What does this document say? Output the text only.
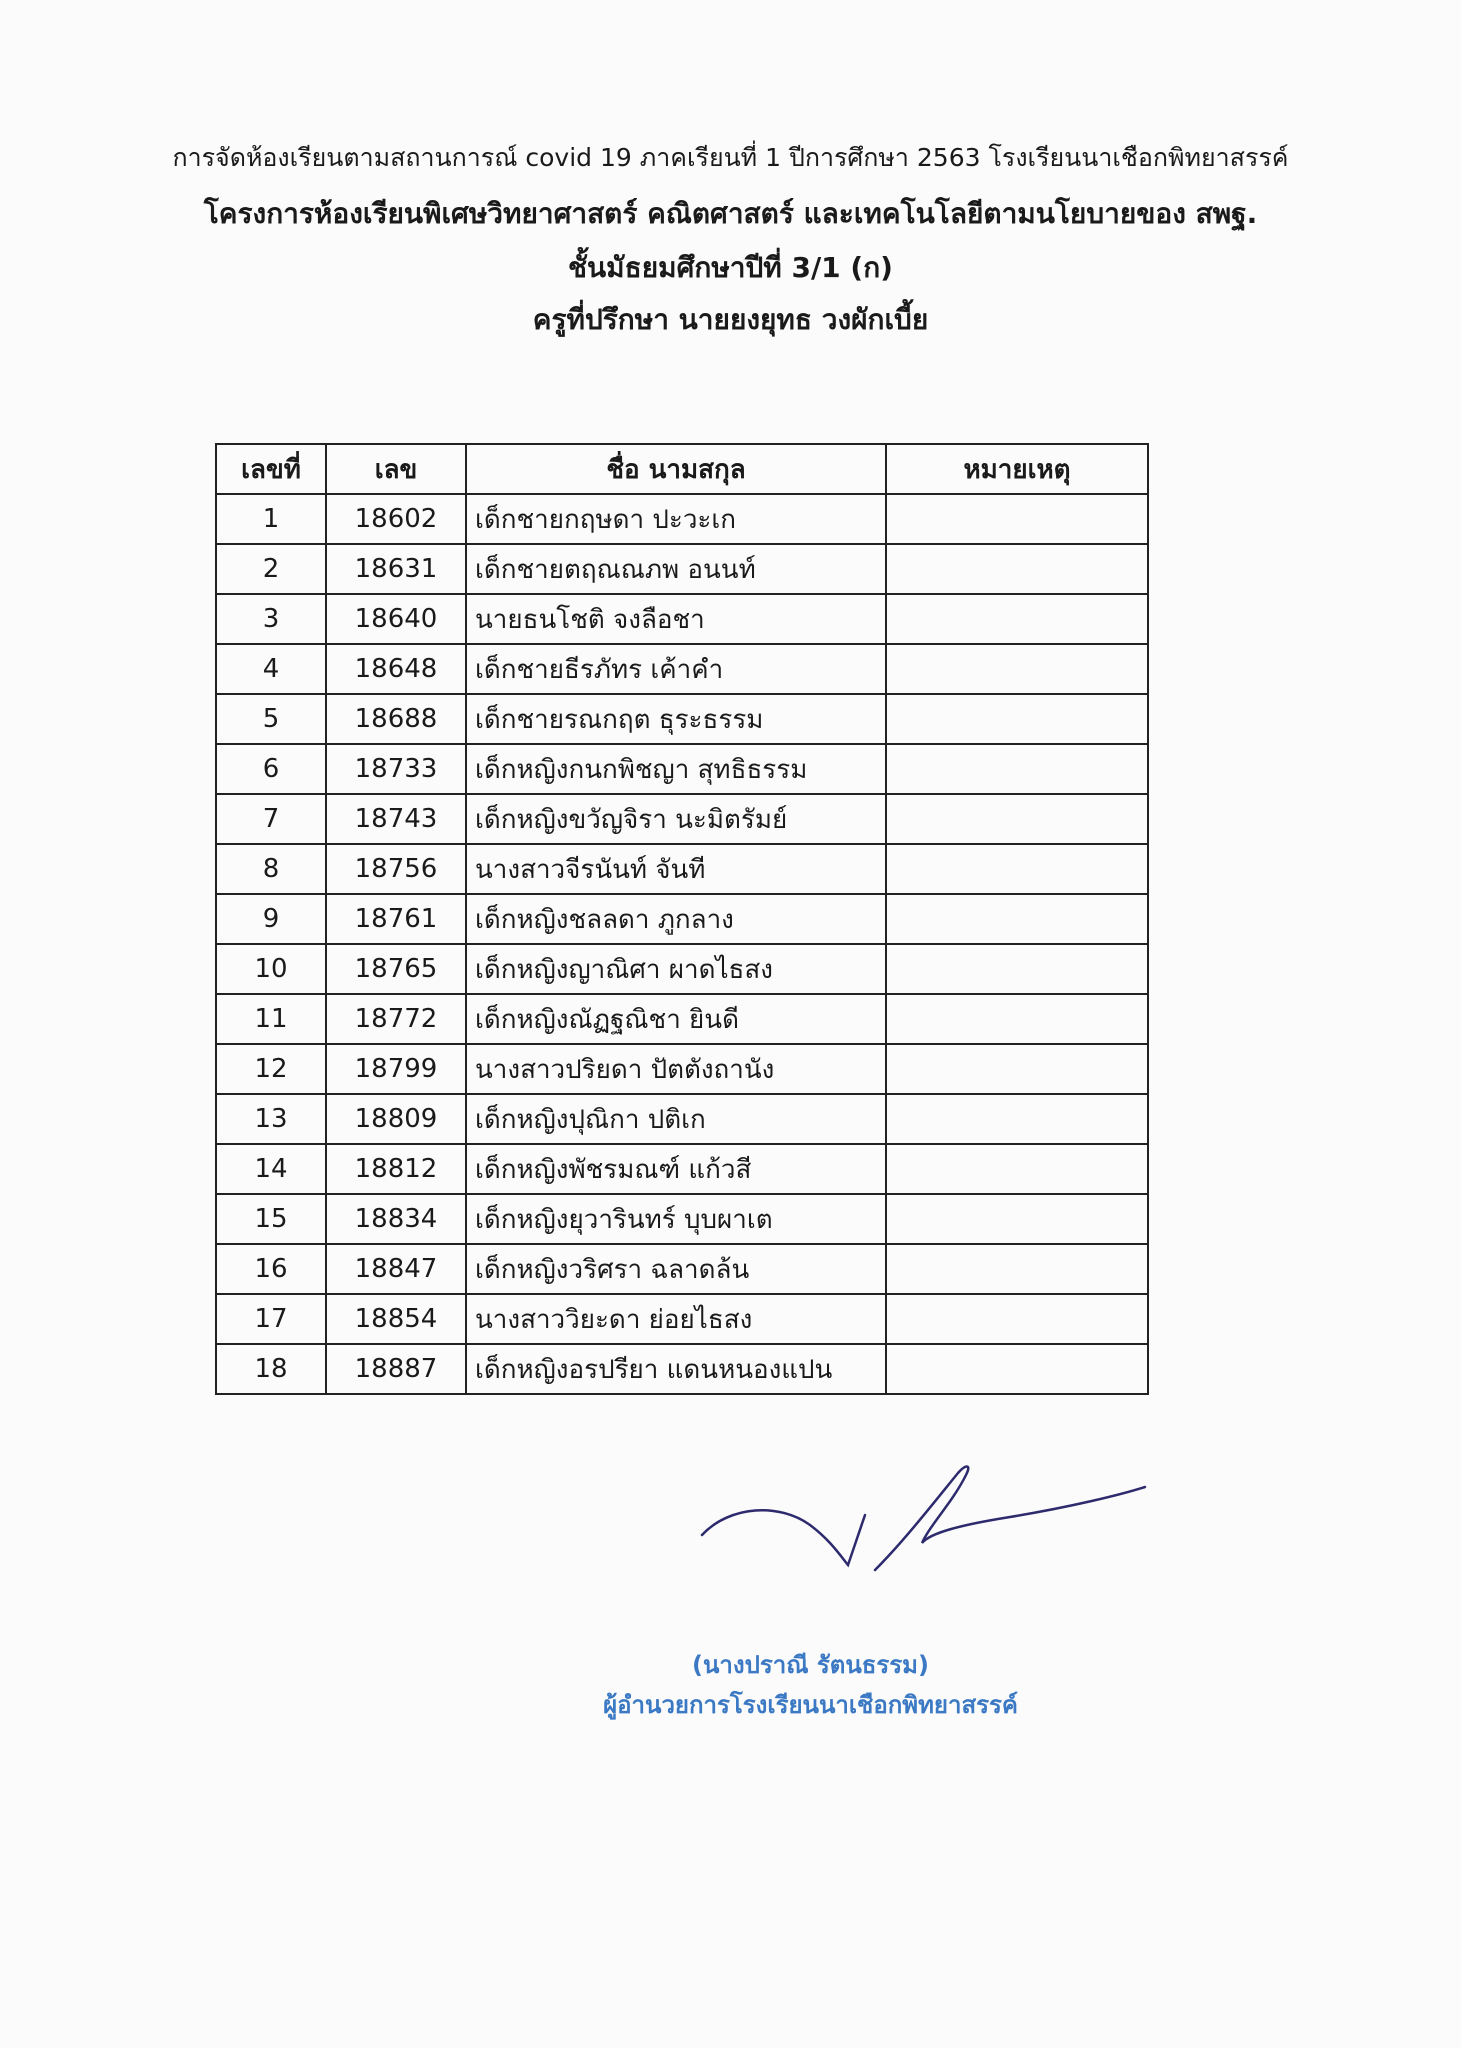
การจัดห้องเรียนตามสถานการณ์ covid 19 ภาคเรียนที่ 1 ปีการศึกษา 2563 โรงเรียนนาเชือกพิทยาสรรค์
โครงการห้องเรียนพิเศษวิทยาศาสตร์ คณิตศาสตร์ และเทคโนโลยีตามนโยบายของ สพฐ.
ชั้นมัธยมศึกษาปีที่ 3/1 (ก)
ครูที่ปรึกษา นายยงยุทธ วงผักเบี้ย
เลขที่	เลข	ชื่อ นามสกุล	หมายเหตุ
1	18602	เด็กชายกฤษดา ปะวะเก	
2	18631	เด็กชายตฤณณภพ อนนท์	
3	18640	นายธนโชติ จงลือชา	
4	18648	เด็กชายธีรภัทร เค้าคำ	
5	18688	เด็กชายรณกฤต ธุระธรรม	
6	18733	เด็กหญิงกนกพิชญา สุทธิธรรม	
7	18743	เด็กหญิงขวัญจิรา นะมิตรัมย์	
8	18756	นางสาวจีรนันท์ จันที	
9	18761	เด็กหญิงชลลดา ภูกลาง	
10	18765	เด็กหญิงญาณิศา ผาดไธสง	
11	18772	เด็กหญิงณัฏฐณิชา ยินดี	
12	18799	นางสาวปริยดา ปัตตังถานัง	
13	18809	เด็กหญิงปุณิกา ปติเก	
14	18812	เด็กหญิงพัชรมณฑ์ แก้วสี	
15	18834	เด็กหญิงยุวารินทร์ บุบผาเต	
16	18847	เด็กหญิงวริศรา ฉลาดล้น	
17	18854	นางสาววิยะดา ย่อยไธสง	
18	18887	เด็กหญิงอรปรียา แดนหนองแปน	
(นางปราณี รัตนธรรม)
ผู้อำนวยการโรงเรียนนาเชือกพิทยาสรรค์
